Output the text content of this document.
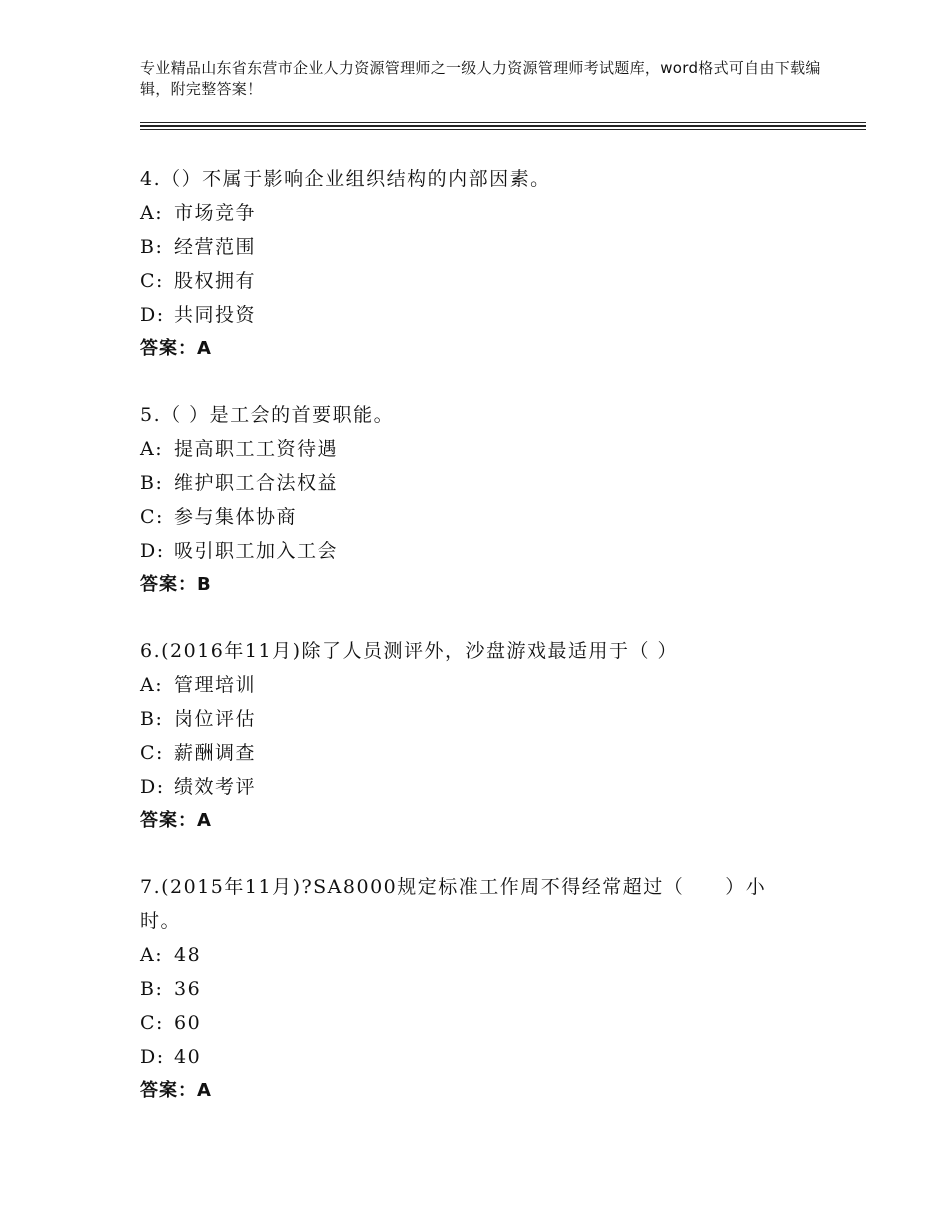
专业精品山东省东营市企业人力资源管理师之一级人力资源管理师考试题库，word格式可自由下载编辑，附完整答案！
4.（）不属于影响企业组织结构的内部因素。
A: 市场竞争
B: 经营范围
C: 股权拥有
D: 共同投资
答案：A
5.（ ）是工会的首要职能。
A: 提高职工工资待遇
B: 维护职工合法权益
C: 参与集体协商
D: 吸引职工加入工会
答案：B
6.(2016年11月)除了人员测评外，沙盘游戏最适用于（ ）
A: 管理培训
B: 岗位评估
C: 薪酬调查
D: 绩效考评
答案：A
7.(2015年11月)?SA8000规定标准工作周不得经常超过（　　）小时。
A: 48
B: 36
C: 60
D: 40
答案：A
